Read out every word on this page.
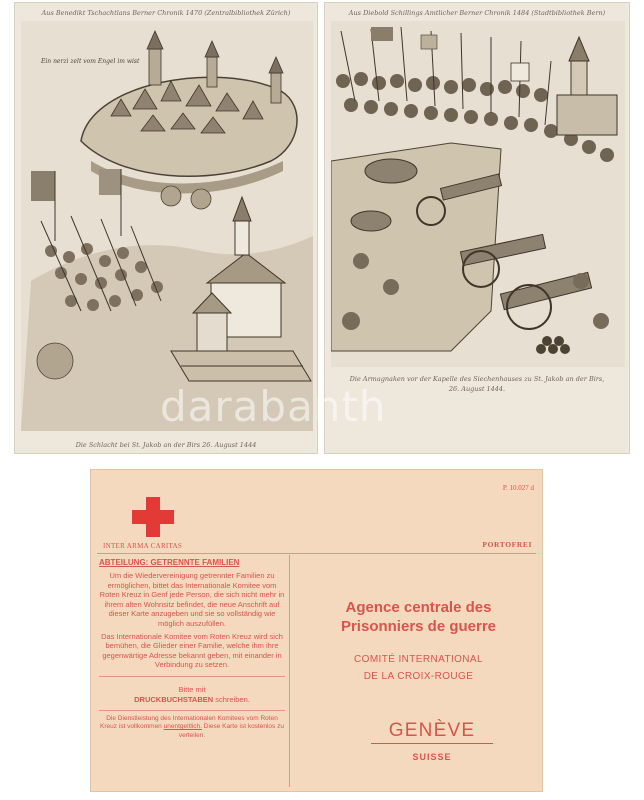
Aus Benedikt Tschachtlans Berner Chronik 1470 (Zentralbibliothek Zürich)
Ein nerzi zelt vom Engel im wist
Die Schlacht bei St. Jakob an der Birs 26. August 1444
Aus Diebold Schillings Amtlicher Berner Chronik 1484 (Stadtbibliothek Bern)
Die Armagnaken vor der Kapelle des Siechenhauses zu St. Jakob an der Birs,
26. August 1444.
darabanth
P. 10.027 d
INTER ARMA CARITAS	PORTOFREI
ABTEILUNG: GETRENNTE FAMILIEN

Um die Wiedervereinigung getrennter Familien zu ermöglichen, bittet das Internationale Komitee vom Roten Kreuz in Genf jede Person, die sich nicht mehr in ihrem alten Wohnsitz befindet, die neue Anschrift auf dieser Karte anzugeben und sie so vollständig wie möglich auszufüllen.

Das Internationale Komitee vom Roten Kreuz wird sich bemühen, die Glieder einer Familie, welche ihm ihre gegenwärtige Adresse bekannt geben, mit einander in Verbindung zu setzen.

Bitte mit
DRUCKBUCHSTABEN schreiben.
Die Dienstleistung des Internationalen Komitees vom Roten Kreuz ist vollkommen unentgeltlich. Diese Karte ist kostenlos zu verteilen.
Agence centrale des
Prisonniers de guerre
COMITÉ INTERNATIONAL
DE LA CROIX-ROUGE
GENÈVE
SUISSE
